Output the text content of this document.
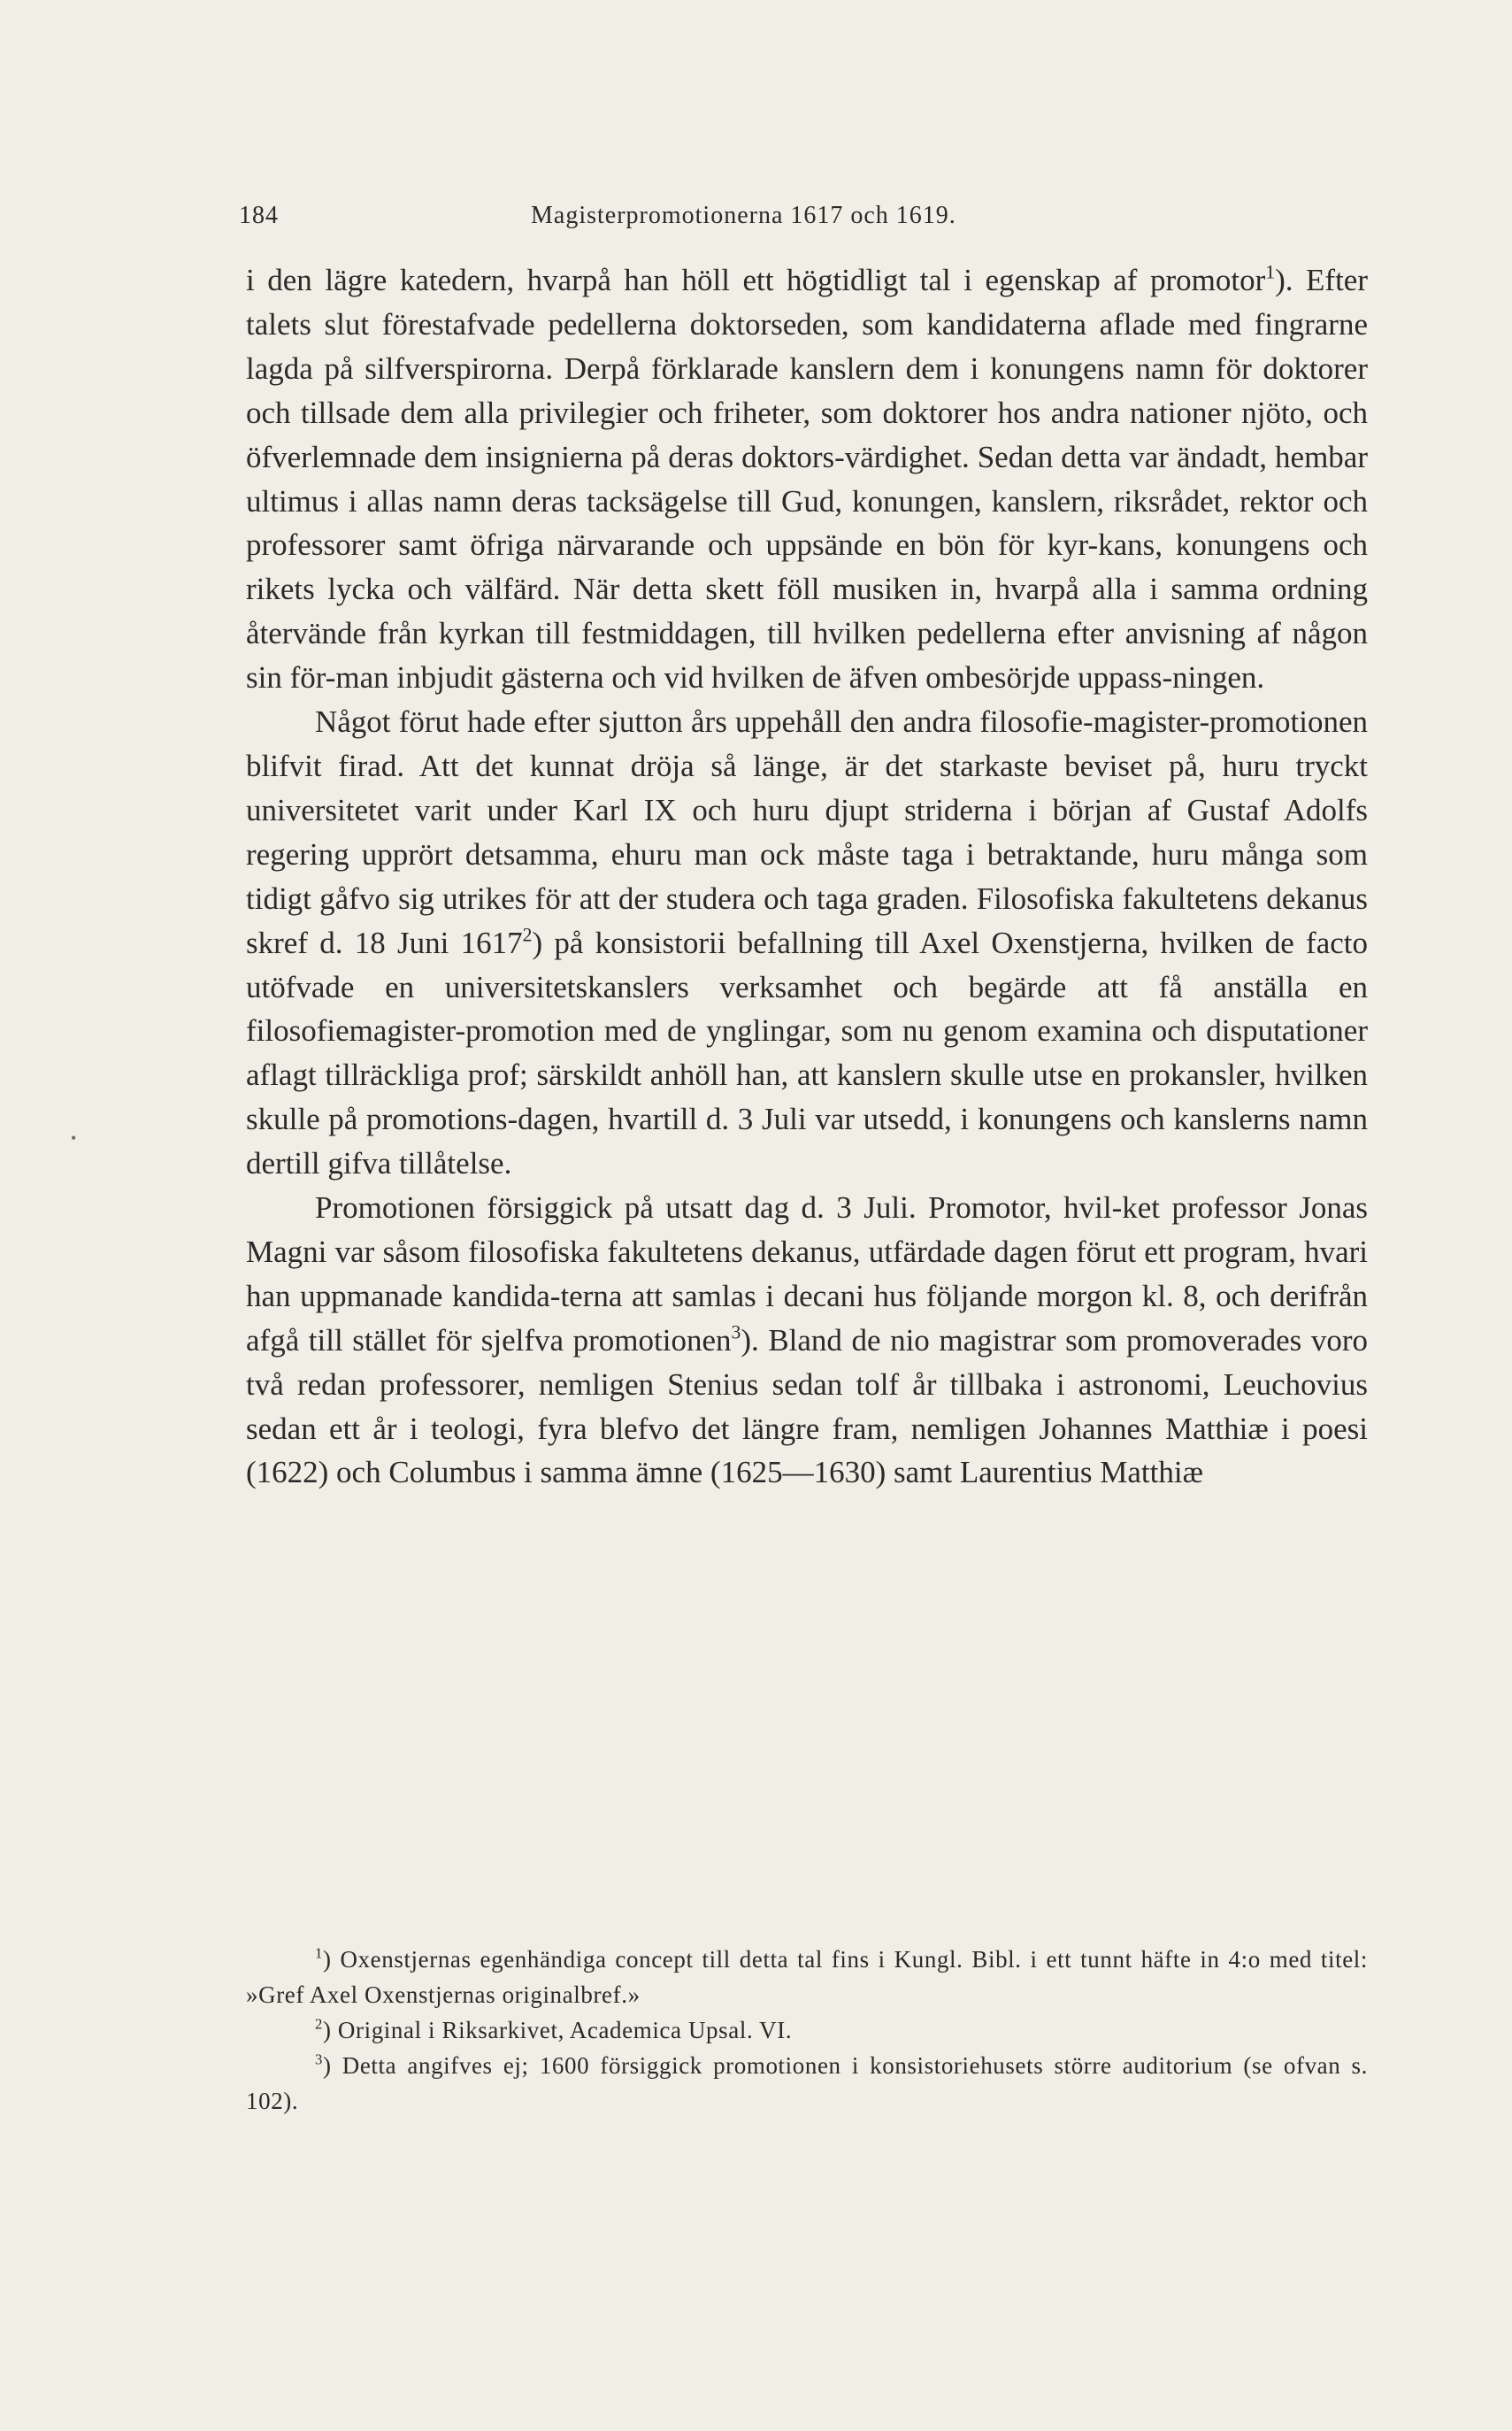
184	Magisterpromotionerna 1617 och 1619.

i den lägre katedern, hvarpå han höll ett högtidligt tal i egenskap af promotor$^1$). Efter talets slut förestafvade pedellerna doktorseden, som kandidaterna aflade med fingrarne lagda på silfverspirorna. Derpå förklarade kanslern dem i konungens namn för doktorer och tillsade dem alla privilegier och friheter, som doktorer hos andra nationer njöto, och öfverlemnade dem insignierna på deras doktors-värdighet. Sedan detta var ändadt, hembar ultimus i allas namn deras tacksägelse till Gud, konungen, kanslern, riksrådet, rektor och professorer samt öfriga närvarande och uppsände en bön för kyr-kans, konungens och rikets lycka och välfärd. När detta skett föll musiken in, hvarpå alla i samma ordning återvände från kyrkan till festmiddagen, till hvilken pedellerna efter anvisning af någon sin för-man inbjudit gästerna och vid hvilken de äfven ombesörjde uppass-ningen.

Något förut hade efter sjutton års uppehåll den andra filosofie-magister-promotionen blifvit firad. Att det kunnat dröja så länge, är det starkaste beviset på, huru tryckt universitetet varit under Karl IX och huru djupt striderna i början af Gustaf Adolfs regering upprört detsamma, ehuru man ock måste taga i betraktande, huru många som tidigt gåfvo sig utrikes för att der studera och taga graden. Filosofiska fakultetens dekanus skref d. 18 Juni 1617$^2$) på konsistorii befallning till Axel Oxenstjerna, hvilken de facto utöfvade en universitetskanslers verksamhet och begärde att få anställa en filosofiemagister-promotion med de ynglingar, som nu genom examina och disputationer aflagt tillräckliga prof; särskildt anhöll han, att kanslern skulle utse en prokansler, hvilken skulle på promotions-dagen, hvartill d. 3 Juli var utsedd, i konungens och kanslerns namn dertill gifva tillåtelse.

Promotionen försiggick på utsatt dag d. 3 Juli. Promotor, hvil-ket professor Jonas Magni var såsom filosofiska fakultetens dekanus, utfärdade dagen förut ett program, hvari han uppmanade kandida-terna att samlas i decani hus följande morgon kl. 8, och derifrån afgå till stället för sjelfva promotionen$^3$). Bland de nio magistrar som promoverades voro två redan professorer, nemligen Stenius sedan tolf år tillbaka i astronomi, Leuchovius sedan ett år i teologi, fyra blefvo det längre fram, nemligen Johannes Matthiæ i poesi (1622) och Columbus i samma ämne (1625—1630) samt Laurentius Matthiæ

$^1$) Oxenstjernas egenhändiga concept till detta tal fins i Kungl. Bibl. i ett tunnt häfte in 4:o med titel: »Gref Axel Oxenstjernas originalbref.»

$^2$) Original i Riksarkivet, Academica Upsal. VI.

$^3$) Detta angifves ej; 1600 försiggick promotionen i konsistoriehusets större auditorium (se ofvan s. 102).

•
